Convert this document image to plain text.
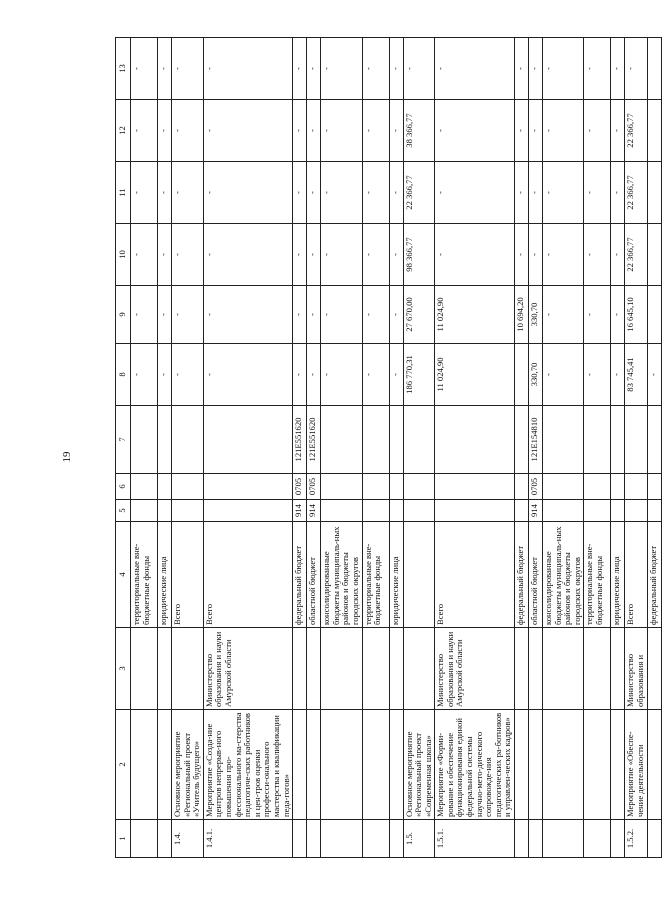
19
1	2	3	4	5	6	7	8	9	10	11	12	13
			территориальные вне-бюджетные фонды				-	-	-	-	-	-
			юридические лица				-	-	-	-	-	-
1.4.	Основное мероприятие «Региональный проект «Учитель будущего»		Всего				-	-	-	-	-	-
1.4.1.	Мероприятие «Созда-ние центров непрерыв-ного повышения про-фессионального ма-стерства педагогиче-ских работников и цен-тров оценки професси-онального мастерства и квалификации педа-гогов»	Министерство образования и науки Амурской области	Всего				-	-	-	-	-	-
			федеральный бюджет	914	0705	121E551620	-	-	-	-	-	-
			областной бюджет	914	0705	121E551620	-	-	-	-	-	-
			консолидированные бюджеты муниципаль-ных районов и бюджеты городских округов				-	-	-	-	-	-
			территориальные вне-бюджетные фонды				-	-	-	-	-	-
			юридические лица				-	-	-	-	-	-
1.5.	Основное мероприятие «Региональный проект «Современная школа»						186 770,31	27 670,00	98 366,77	22 366,77	38 366,77	-
1.5.1.	Мероприятие «Форми-рование и обеспечение функционирования единой федеральной системы научно-мето-дического сопровожде-ния педагогических ра-ботников и управлен-ческих кадров»	Министерство образования и науки Амурской области	Всего				11 024,90	11 024,90	-	-	-	-
			федеральный бюджет					10 694,20	-	-	-	-
			областной бюджет	914	0705	121E154810	330,70	330,70	-	-	-	-
			консолидированные бюджеты муниципаль-ных районов и бюджеты городских округов				-	-	-	-	-	-
			территориальные вне-бюджетные фонды				-	-	-	-	-	-
			юридические лица				-	-	-	-	-	-
1.5.2.	Мероприятие «Обеспе-чение деятельности	Министерство образования и	Всего				83 745,41	16 645,10	22 366,77	22 366,77	22 366,77	-
			федеральный бюджет				-					
